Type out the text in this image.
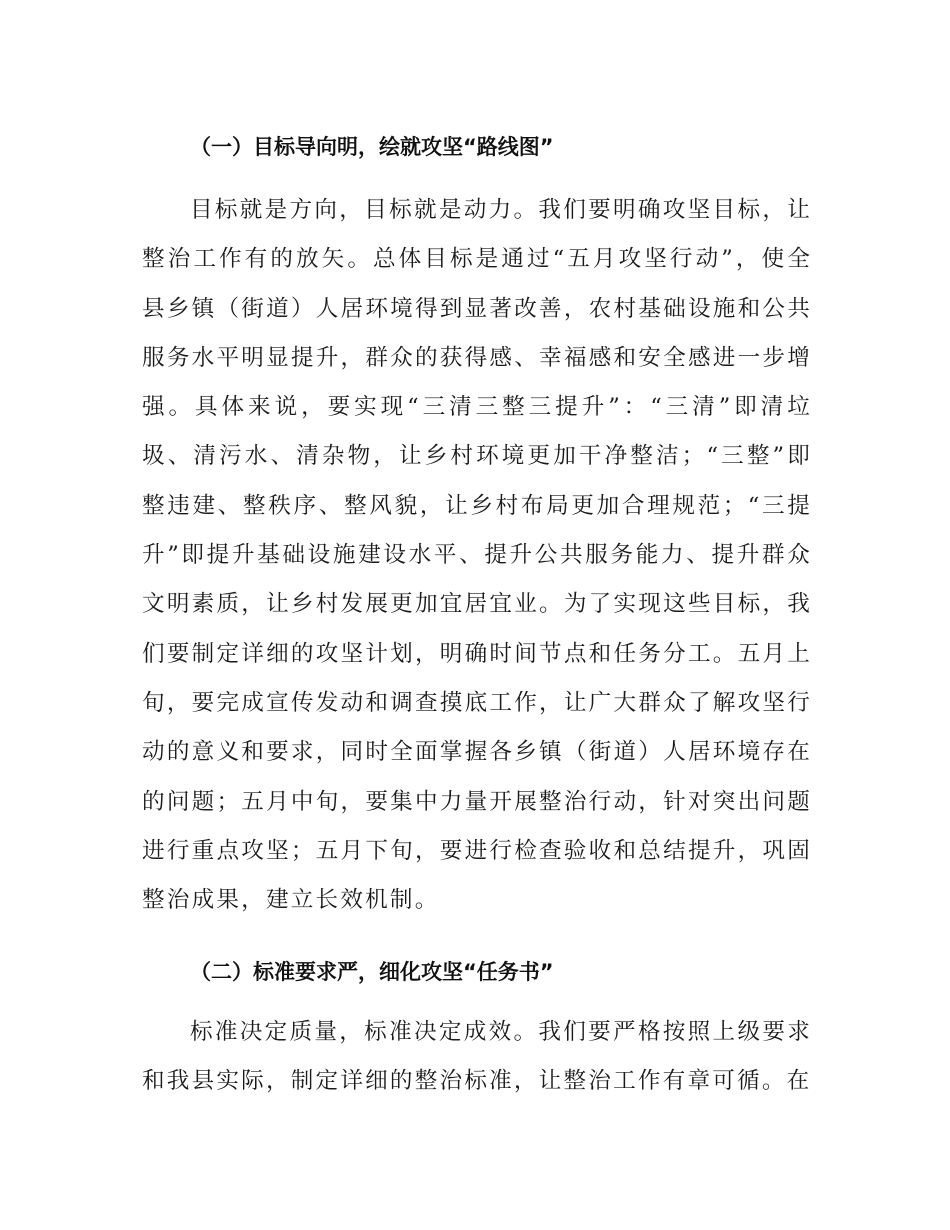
（一）目标导向明，绘就攻坚“路线图”

目标就是方向，目标就是动力。我们要明确攻坚目标，让整治工作有的放矢。总体目标是通过“五月攻坚行动”，使全县乡镇（街道）人居环境得到显著改善，农村基础设施和公共服务水平明显提升，群众的获得感、幸福感和安全感进一步增强。具体来说，要实现“三清三整三提升”：“三清”即清垃圾、清污水、清杂物，让乡村环境更加干净整洁；“三整”即整违建、整秩序、整风貌，让乡村布局更加合理规范；“三提升”即提升基础设施建设水平、提升公共服务能力、提升群众文明素质，让乡村发展更加宜居宜业。为了实现这些目标，我们要制定详细的攻坚计划，明确时间节点和任务分工。五月上旬，要完成宣传发动和调查摸底工作，让广大群众了解攻坚行动的意义和要求，同时全面掌握各乡镇（街道）人居环境存在的问题；五月中旬，要集中力量开展整治行动，针对突出问题进行重点攻坚；五月下旬，要进行检查验收和总结提升，巩固整治成果，建立长效机制。

（二）标准要求严，细化攻坚“任务书”

标准决定质量，标准决定成效。我们要严格按照上级要求和我县实际，制定详细的整治标准，让整治工作有章可循。在
